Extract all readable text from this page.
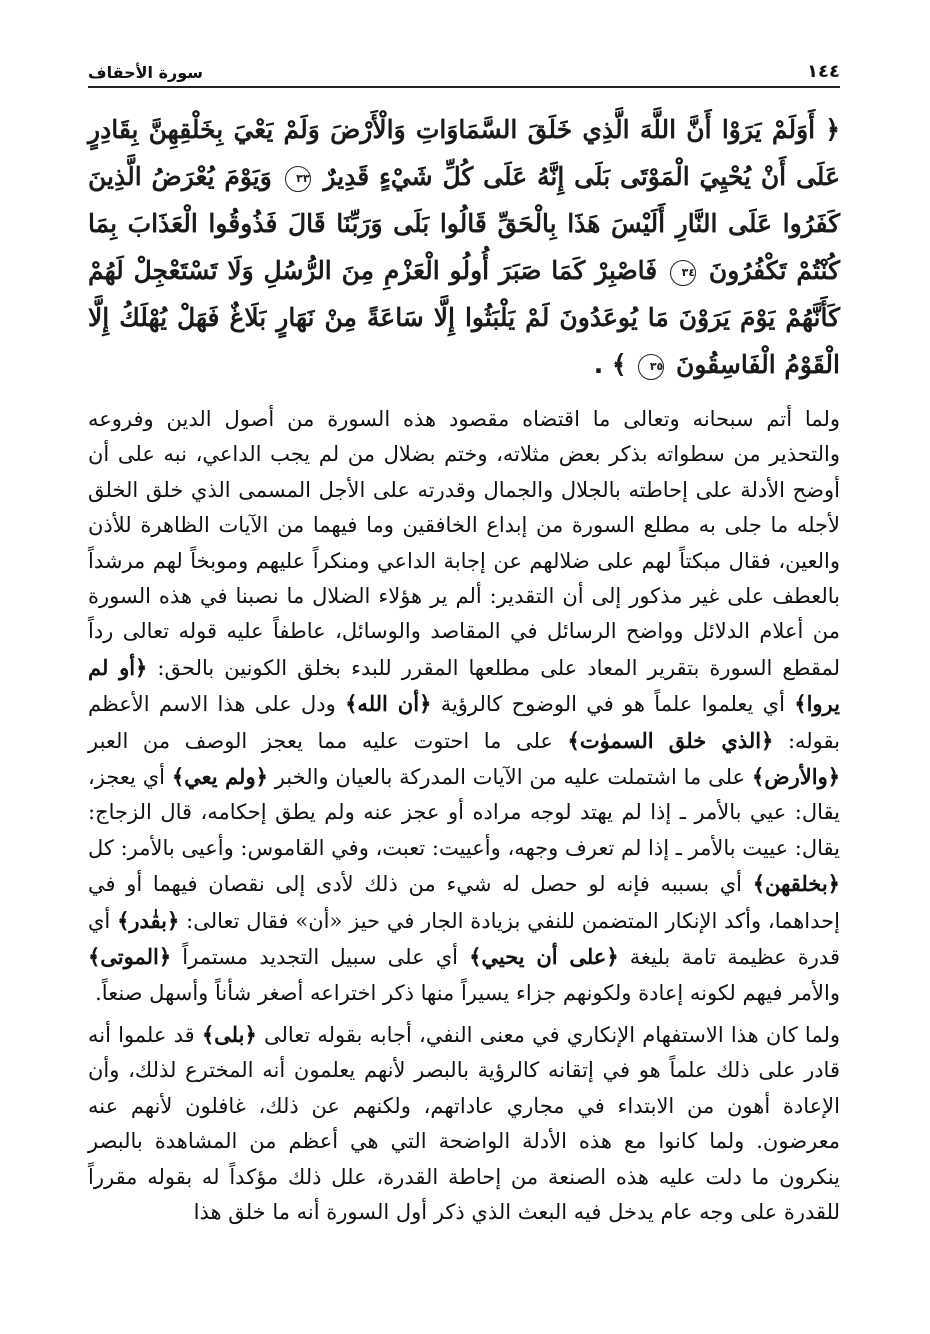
١٤٤
سورة الأحقاف
﴿ أَوَلَمْ يَرَوْا أَنَّ اللَّهَ الَّذِي خَلَقَ السَّمَاوَاتِ وَالْأَرْضَ وَلَمْ يَعْيَ بِخَلْقِهِنَّ بِقَادِرٍ عَلَى أَنْ يُحْيِيَ الْمَوْتَى بَلَى إِنَّهُ عَلَى كُلِّ شَيْءٍ قَدِيرٌ ٣٣ وَيَوْمَ يُعْرَضُ الَّذِينَ كَفَرُوا عَلَى النَّارِ أَلَيْسَ هَذَا بِالْحَقِّ قَالُوا بَلَى وَرَبِّنَا قَالَ فَذُوقُوا الْعَذَابَ بِمَا كُنْتُمْ تَكْفُرُونَ ٣٤ فَاصْبِرْ كَمَا صَبَرَ أُولُو الْعَزْمِ مِنَ الرُّسُلِ وَلَا تَسْتَعْجِلْ لَهُمْ كَأَنَّهُمْ يَوْمَ يَرَوْنَ مَا يُوعَدُونَ لَمْ يَلْبَثُوا إِلَّا سَاعَةً مِنْ نَهَارٍ بَلَاغٌ فَهَلْ يُهْلَكُ إِلَّا الْقَوْمُ الْفَاسِقُونَ ٣٥ ﴾ .

ولما أتم سبحانه وتعالى ما اقتضاه مقصود هذه السورة من أصول الدين وفروعه والتحذير من سطواته بذكر بعض مثلاته، وختم بضلال من لم يجب الداعي، نبه على أن أوضح الأدلة على إحاطته بالجلال والجمال وقدرته على الأجل المسمى الذي خلق الخلق لأجله ما جلى به مطلع السورة من إبداع الخافقين وما فيهما من الآيات الظاهرة للأذن والعين، فقال مبكتاً لهم على ضلالهم عن إجابة الداعي ومنكراً عليهم وموبخاً لهم مرشداً بالعطف على غير مذكور إلى أن التقدير: ألم ير هؤلاء الضلال ما نصبنا في هذه السورة من أعلام الدلائل وواضح الرسائل في المقاصد والوسائل، عاطفاً عليه قوله تعالى رداً لمقطع السورة بتقرير المعاد على مطلعها المقرر للبدء بخلق الكونين بالحق: ﴿أو لم يروا﴾ أي يعلموا علماً هو في الوضوح كالرؤية ﴿أن الله﴾ ودل على هذا الاسم الأعظم بقوله: ﴿الذي خلق السموٰت﴾ على ما احتوت عليه مما يعجز الوصف من العبر ﴿والأرض﴾ على ما اشتملت عليه من الآيات المدركة بالعيان والخبر ﴿ولم يعي﴾ أي يعجز، يقال: عيي بالأمر ـ إذا لم يهتد لوجه مراده أو عجز عنه ولم يطق إحكامه، قال الزجاج: يقال: عييت بالأمر ـ إذا لم تعرف وجهه، وأعييت: تعبت، وفي القاموس: وأعيى بالأمر: كل ﴿بخلقهن﴾ أي بسببه فإنه لو حصل له شيء من ذلك لأدى إلى نقصان فيهما أو في إحداهما، وأكد الإنكار المتضمن للنفي بزيادة الجار في حيز «أن» فقال تعالى: ﴿بقٰدر﴾ أي قدرة عظيمة تامة بليغة ﴿على أن يحيي﴾ أي على سبيل التجديد مستمراً ﴿الموتى﴾ والأمر فيهم لكونه إعادة ولكونهم جزاء يسيراً منها ذكر اختراعه أصغر شأناً وأسهل صنعاً.

ولما كان هذا الاستفهام الإنكاري في معنى النفي، أجابه بقوله تعالى ﴿بلى﴾ قد علموا أنه قادر على ذلك علماً هو في إتقانه كالرؤية بالبصر لأنهم يعلمون أنه المخترع لذلك، وأن الإعادة أهون من الابتداء في مجاري عاداتهم، ولكنهم عن ذلك، غافلون لأنهم عنه معرضون. ولما كانوا مع هذه الأدلة الواضحة التي هي أعظم من المشاهدة بالبصر ينكرون ما دلت عليه هذه الصنعة من إحاطة القدرة، علل ذلك مؤكداً له بقوله مقرراً للقدرة على وجه عام يدخل فيه البعث الذي ذكر أول السورة أنه ما خلق هذا
